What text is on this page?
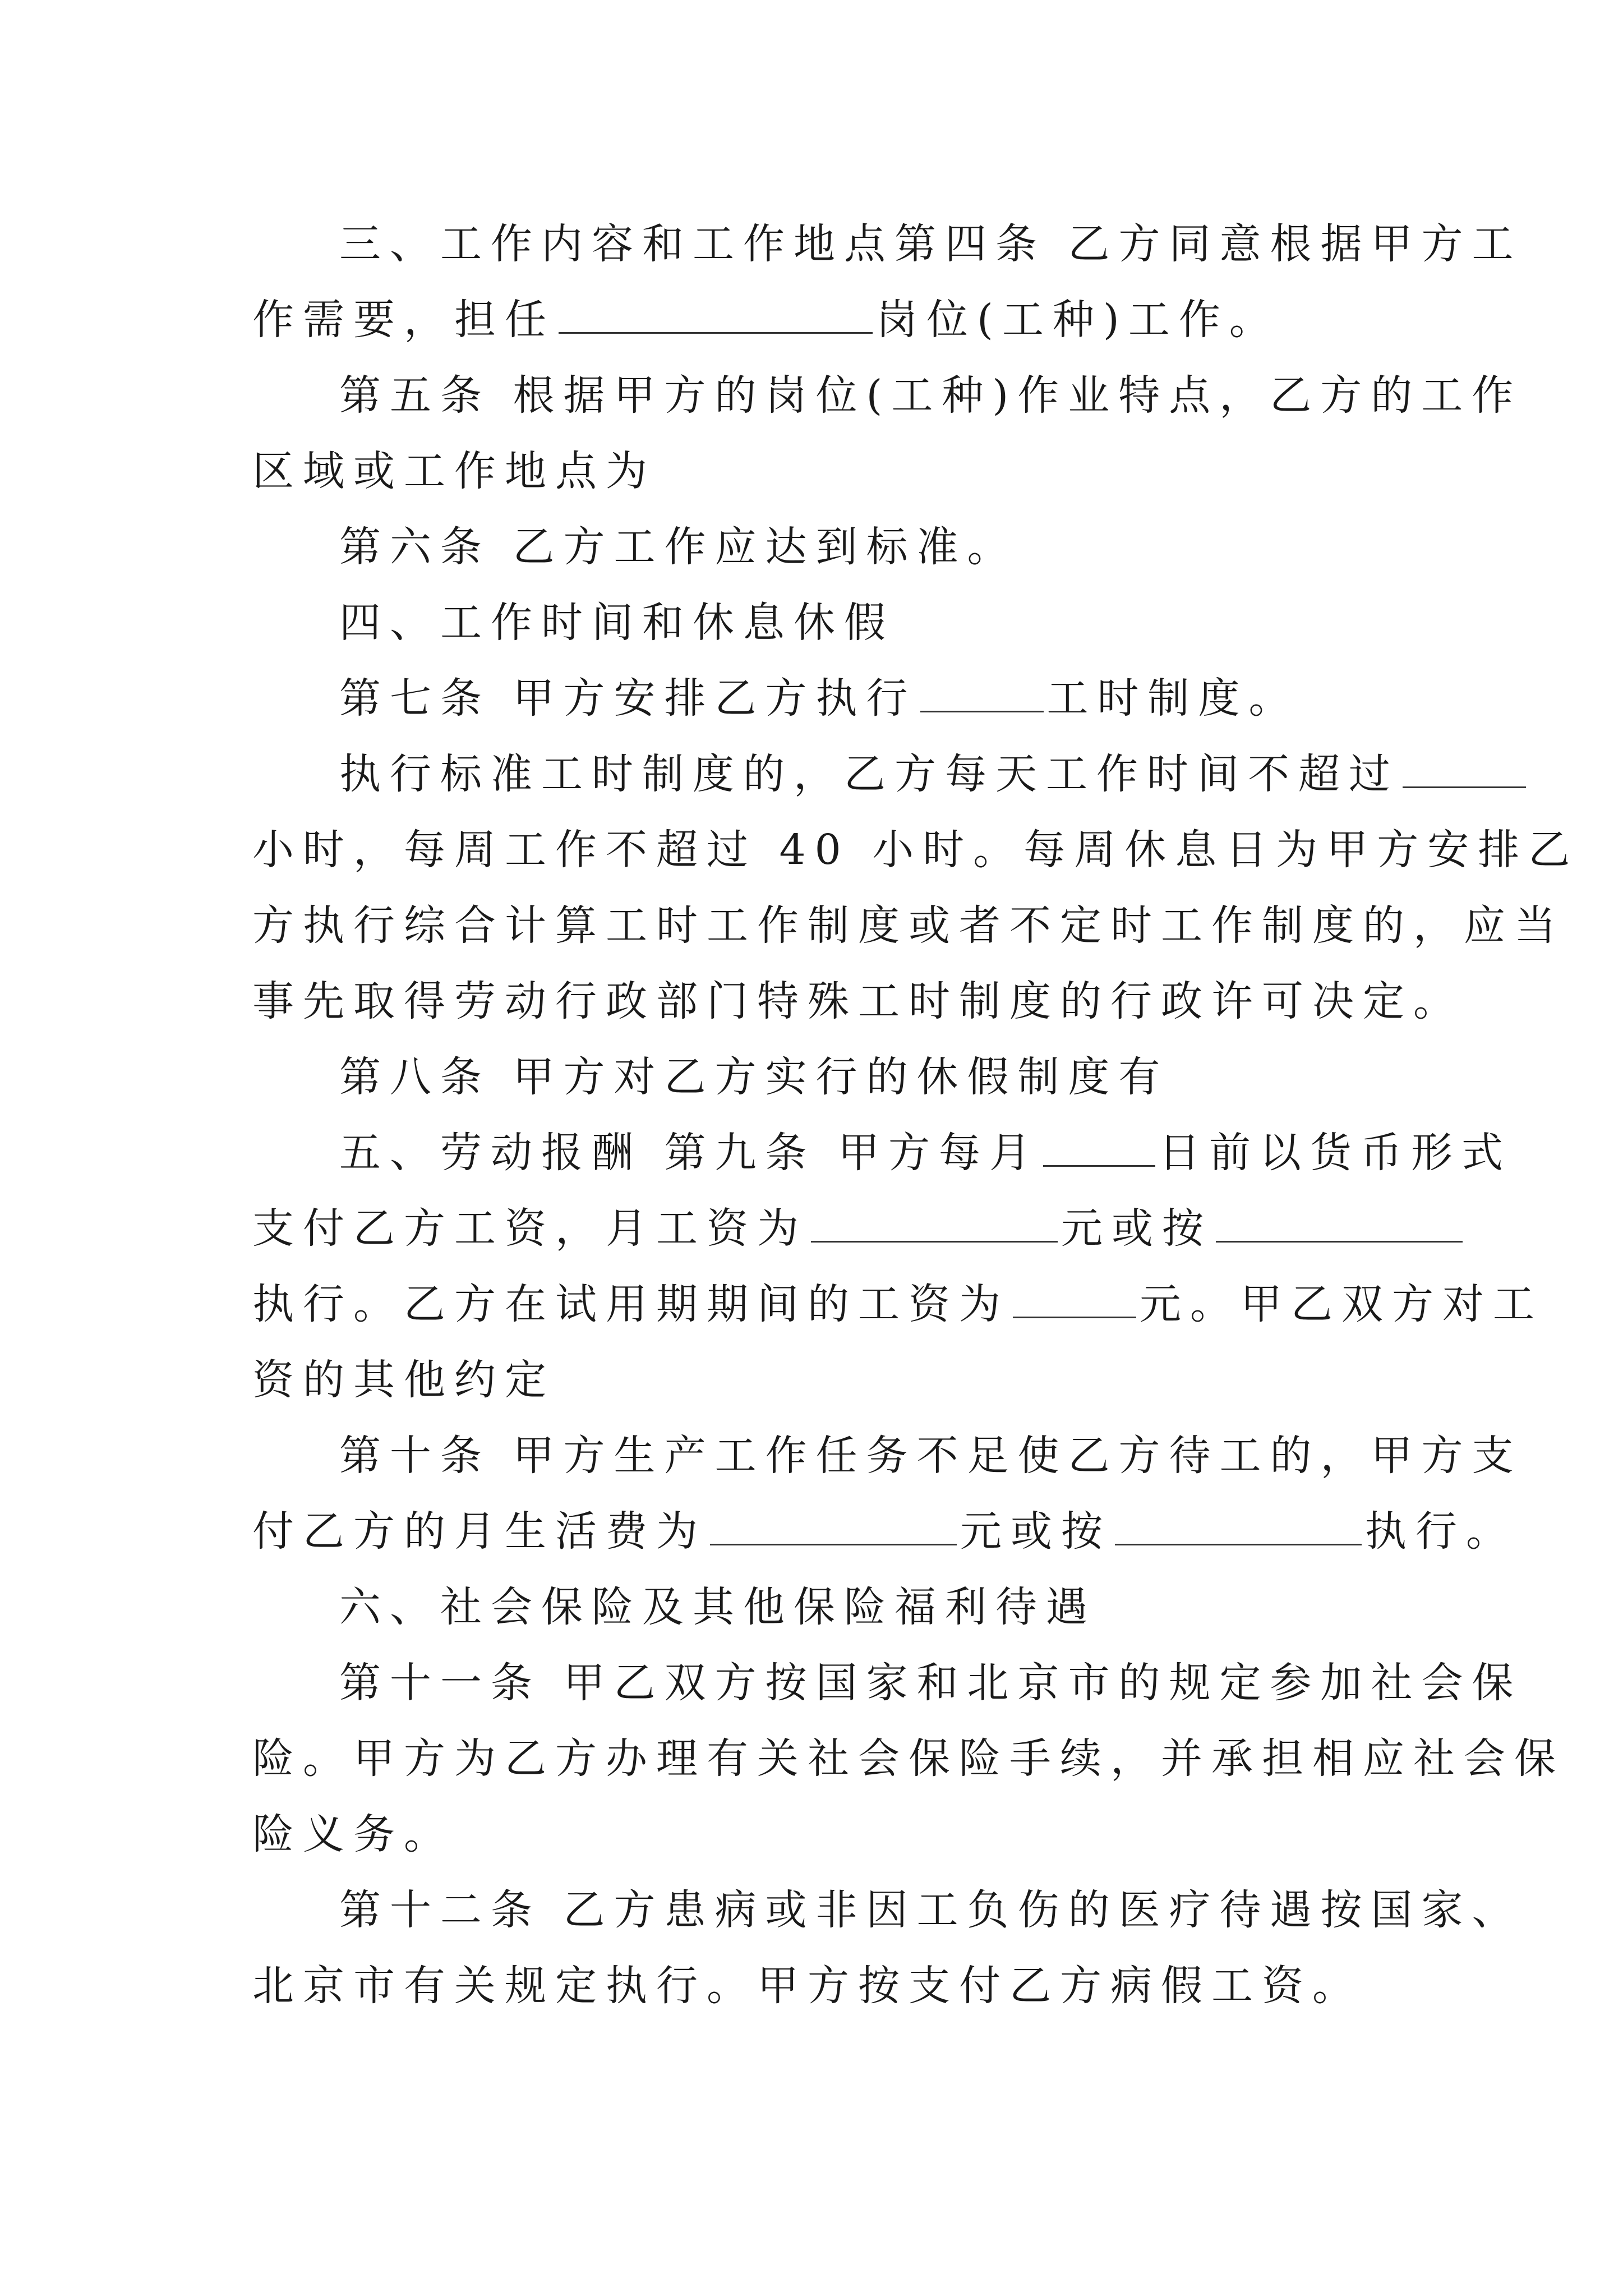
三、工作内容和工作地点第四条 乙方同意根据甲方工
作需要，担任	岗位(工种)工作。
第五条 根据甲方的岗位(工种)作业特点，乙方的工作
区域或工作地点为
第六条 乙方工作应达到标准。
四、工作时间和休息休假
第七条 甲方安排乙方执行	工时制度。
执行标准工时制度的，乙方每天工作时间不超过
小时，每周工作不超过 40 小时。每周休息日为甲方安排乙
方执行综合计算工时工作制度或者不定时工作制度的，应当
事先取得劳动行政部门特殊工时制度的行政许可决定。
第八条 甲方对乙方实行的休假制度有
五、劳动报酬 第九条 甲方每月	日前以货币形式
支付乙方工资，月工资为	元或按
执行。乙方在试用期期间的工资为	元。甲乙双方对工
资的其他约定
第十条 甲方生产工作任务不足使乙方待工的，甲方支
付乙方的月生活费为	元或按	执行。
六、社会保险及其他保险福利待遇
第十一条 甲乙双方按国家和北京市的规定参加社会保
险。甲方为乙方办理有关社会保险手续，并承担相应社会保
险义务。
第十二条 乙方患病或非因工负伤的医疗待遇按国家、
北京市有关规定执行。甲方按支付乙方病假工资。
